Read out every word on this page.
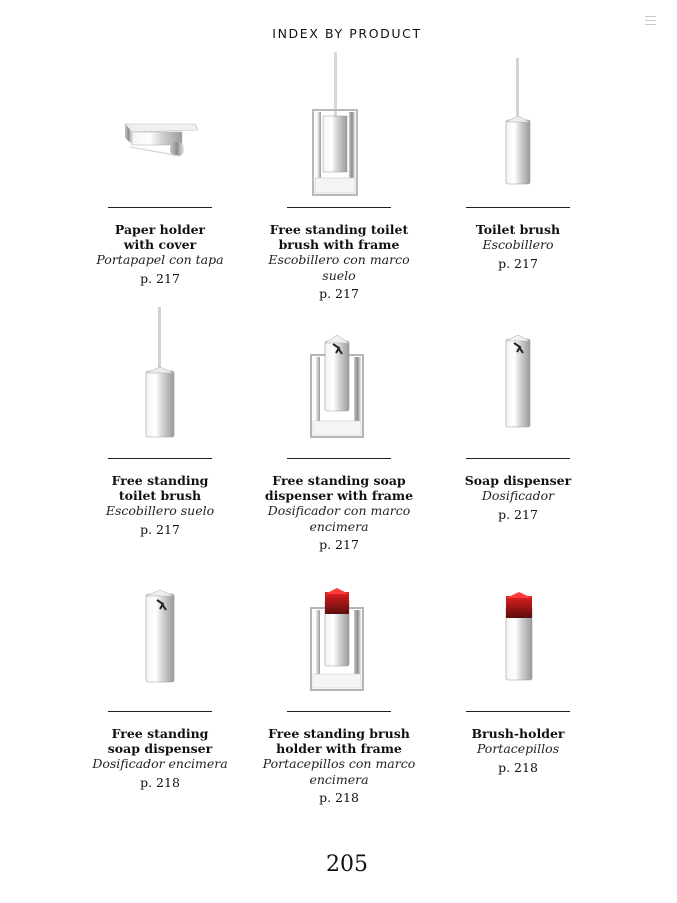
INDEX BY PRODUCT
Paper holder
with cover
Portapapel con tapa
p. 217
Free standing toilet
brush with frame
Escobillero con marco
suelo
p. 217
Toilet brush
Escobillero
p. 217
Free standing
toilet brush
Escobillero suelo
p. 217
Free standing soap
dispenser with frame
Dosificador con marco
encimera
p. 217
Soap dispenser
Dosificador
p. 217
Free standing
soap dispenser
Dosificador encimera
p. 218
Free standing brush
holder with frame
Portacepillos con marco
encimera
p. 218
Brush-holder
Portacepillos
p. 218
205
